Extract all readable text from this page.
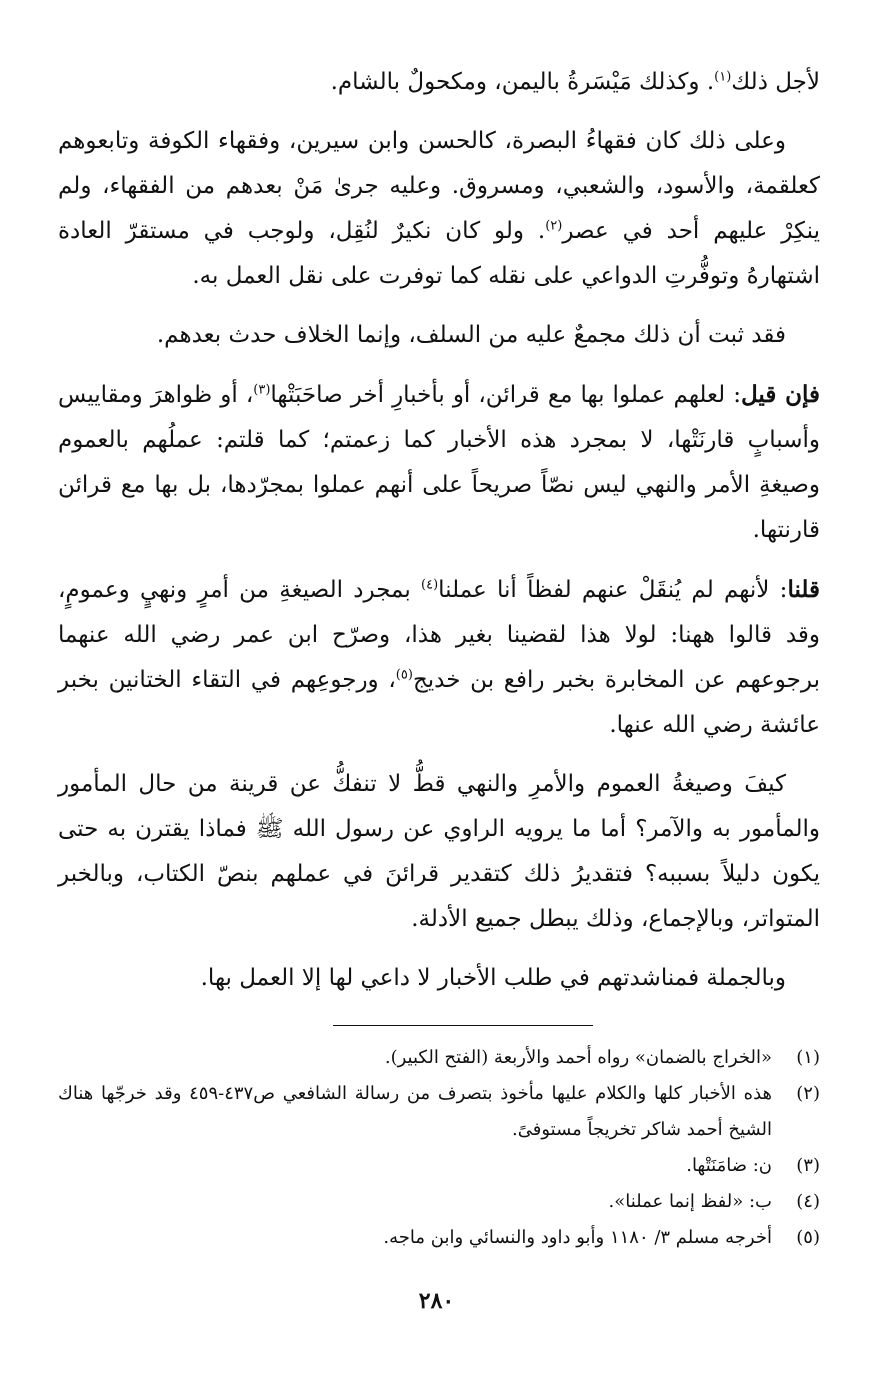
لأجل ذلك$^{(١)}$. وكذلك مَيْسَرةُ باليمن، ومكحولٌ بالشام.

وعلى ذلك كان فقهاءُ البصرة، كالحسن وابن سيرين، وفقهاء الكوفة وتابعوهم كعلقمة، والأسود، والشعبي، ومسروق. وعليه جرىٰ مَنْ بعدهم من الفقهاء، ولم ينكِرْ عليهم أحد في عصر$^{(٢)}$. ولو كان نكيرٌ لنُقِل، ولوجب في مستقرّ العادة اشتهارهُ وتوفُّرتِ الدواعي على نقله كما توفرت على نقل العمل به.

فقد ثبت أن ذلك مجمعٌ عليه من السلف، وإنما الخلاف حدث بعدهم.

فإن قيل: لعلهم عملوا بها مع قرائن، أو بأخبارِ أخر صاحَبَتْها$^{(٣)}$، أو ظواهرَ ومقاييس وأسبابٍ قارنَتْها، لا بمجرد هذه الأخبار كما زعمتم؛ كما قلتم: عملُهم بالعموم وصيغةِ الأمر والنهي ليس نصّاً صريحاً على أنهم عملوا بمجرّدها، بل بها مع قرائن قارنتها.

قلنا: لأنهم لم يُنقَلْ عنهم لفظاً أنا عملنا$^{(٤)}$ بمجرد الصيغةِ من أمرٍ ونهيٍ وعمومٍ، وقد قالوا ههنا: لولا هذا لقضينا بغير هذا، وصرّح ابن عمر رضي الله عنهما برجوعهم عن المخابرة بخبر رافع بن خديج$^{(٥)}$، ورجوعِهم في التقاء الختانين بخبر عائشة رضي الله عنها.

كيفَ وصيغةُ العموم والأمرِ والنهي قطُّ لا تنفكُّ عن قرينة من حال المأمور والمأمور به والآمر؟ أما ما يرويه الراوي عن رسول الله ﷺ فماذا يقترن به حتى يكون دليلاً بسببه؟ فتقديرُ ذلك كتقدير قرائنَ في عملهم بنصّ الكتاب، وبالخبر المتواتر، وبالإجماع، وذلك يبطل جميع الأدلة.

وبالجملة فمناشدتهم في طلب الأخبار لا داعي لها إلا العمل بها.

(١)
«الخراج بالضمان» رواه أحمد والأربعة (الفتح الكبير).
(٢)
هذه الأخبار كلها والكلام عليها مأخوذ بتصرف من رسالة الشافعي ص٤٣٧-٤٥٩ وقد خرجّها هناك الشيخ أحمد شاكر تخريجاً مستوفىً.
(٣)
ن: ضامَنَتْها.
(٤)
ب: «لفظ إنما عملنا».
(٥)
أخرجه مسلم ٣/ ١١٨٠ وأبو داود والنسائي وابن ماجه.
٢٨٠
